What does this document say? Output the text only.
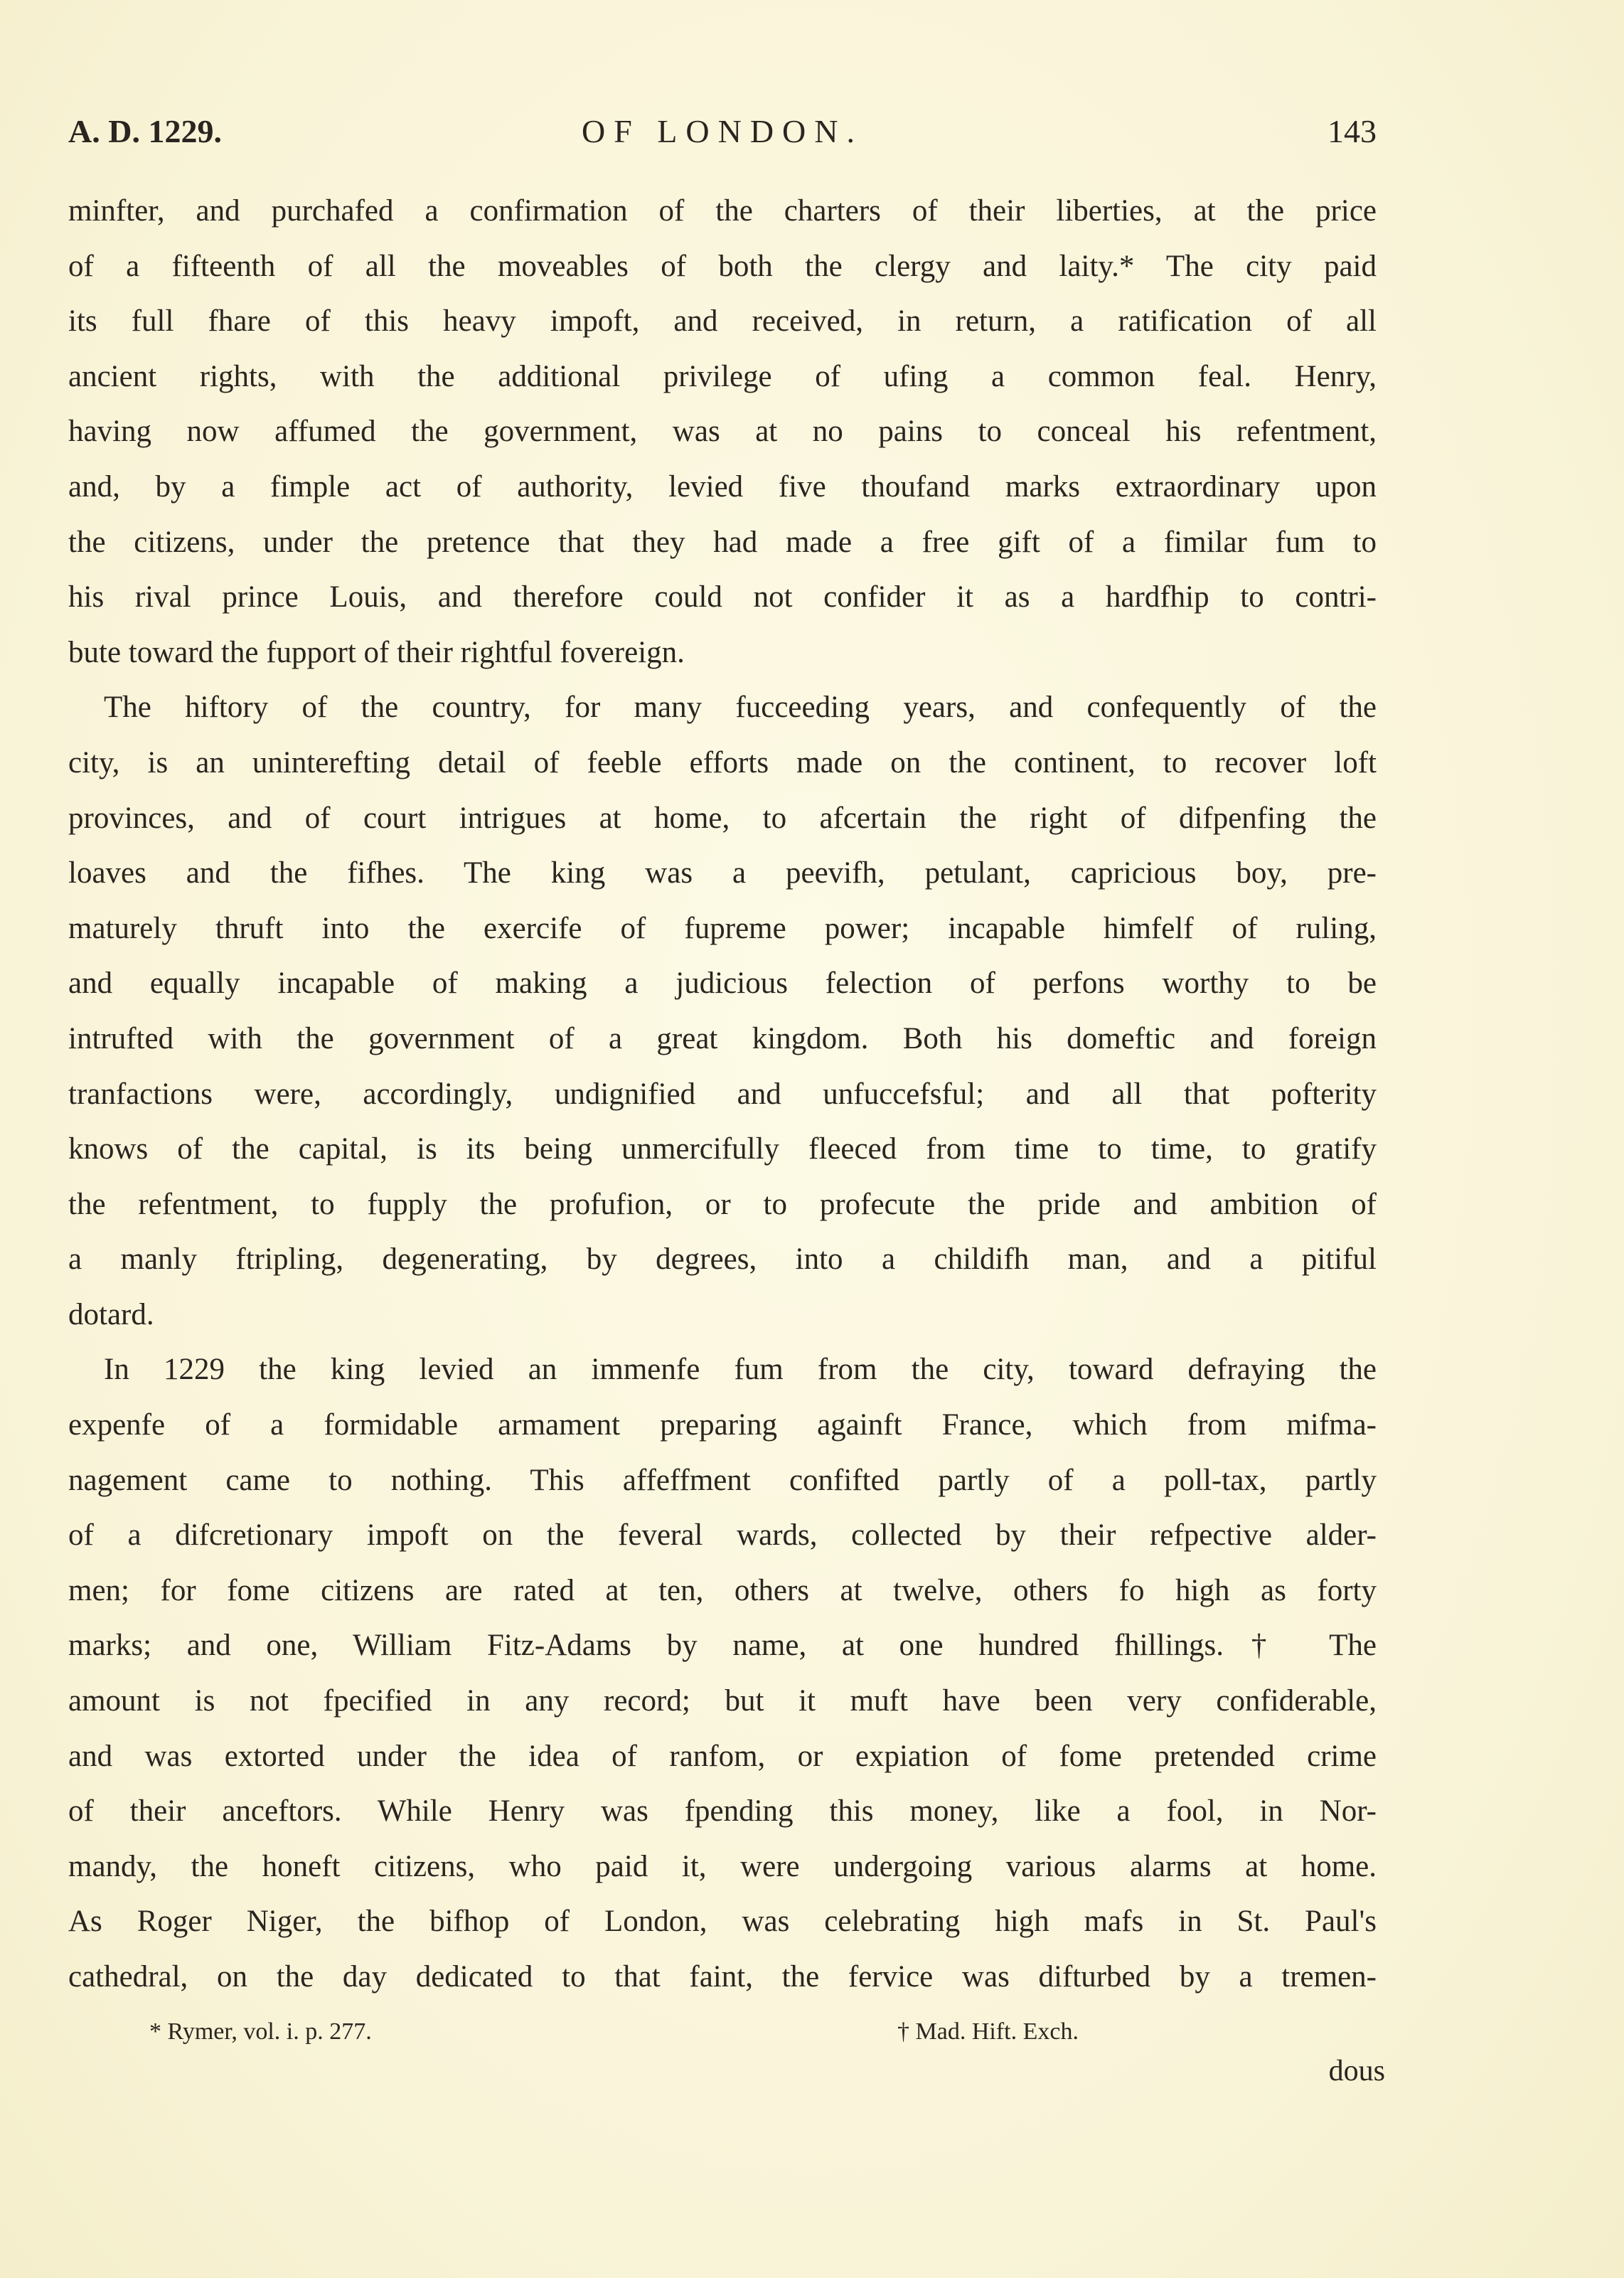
A. D. 1229.	OF LONDON.	143
minfter, and purchafed a confirmation of the charters of their liberties, at the price
of a fifteenth of all the moveables of both the clergy and laity.* The city paid
its full fhare of this heavy impoft, and received, in return, a ratification of all
ancient rights, with the additional privilege of ufing a common feal. Henry,
having now affumed the government, was at no pains to conceal his refentment,
and, by a fimple act of authority, levied five thoufand marks extraordinary upon
the citizens, under the pretence that they had made a free gift of a fimilar fum to
his rival prince Louis, and therefore could not confider it as a hardfhip to contri-
bute toward the fupport of their rightful fovereign.
The hiftory of the country, for many fucceeding years, and confequently of the
city, is an uninterefting detail of feeble efforts made on the continent, to recover loft
provinces, and of court intrigues at home, to afcertain the right of difpenfing the
loaves and the fifhes. The king was a peevifh, petulant, capricious boy, pre-
maturely thruft into the exercife of fupreme power; incapable himfelf of ruling,
and equally incapable of making a judicious felection of perfons worthy to be
intrufted with the government of a great kingdom. Both his domeftic and foreign
tranfactions were, accordingly, undignified and unfuccefsful; and all that pofterity
knows of the capital, is its being unmercifully fleeced from time to time, to gratify
the refentment, to fupply the profufion, or to profecute the pride and ambition of
a manly ftripling, degenerating, by degrees, into a childifh man, and a pitiful
dotard.
In 1229 the king levied an immenfe fum from the city, toward defraying the
expenfe of a formidable armament preparing againft France, which from mifma-
nagement came to nothing. This affeffment confifted partly of a poll-tax, partly
of a difcretionary impoft on the feveral wards, collected by their refpective alder-
men; for fome citizens are rated at ten, others at twelve, others fo high as forty
marks; and one, William Fitz-Adams by name, at one hundred fhillings.† The
amount is not fpecified in any record; but it muft have been very confiderable,
and was extorted under the idea of ranfom, or expiation of fome pretended crime
of their anceftors. While Henry was fpending this money, like a fool, in Nor-
mandy, the honeft citizens, who paid it, were undergoing various alarms at home.
As Roger Niger, the bifhop of London, was celebrating high mafs in St. Paul's
cathedral, on the day dedicated to that faint, the fervice was difturbed by a tremen-
* Rymer, vol. i. p. 277.	† Mad. Hift. Exch.
dous
